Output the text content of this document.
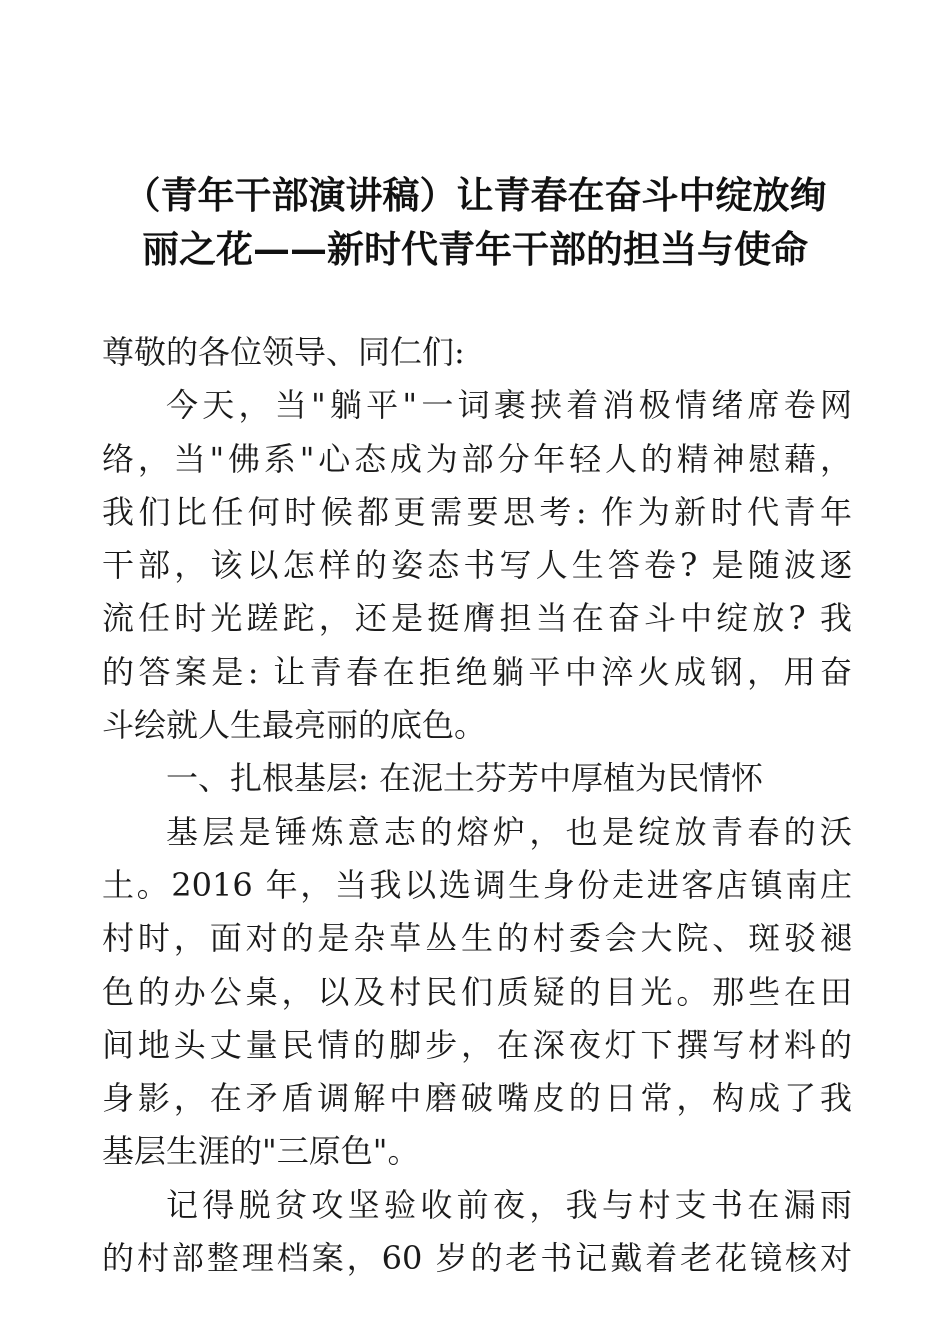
（青年干部演讲稿）让青春在奋斗中绽放绚
丽之花——新时代青年干部的担当与使命
尊敬的各位领导、同仁们:
今天，当"躺平"一词裹挟着消极情绪席卷网
络，当"佛系"心态成为部分年轻人的精神慰藉，
我们比任何时候都更需要思考: 作为新时代青年
干部，该以怎样的姿态书写人生答卷? 是随波逐
流任时光蹉跎，还是挺膺担当在奋斗中绽放? 我
的答案是: 让青春在拒绝躺平中淬火成钢，用奋
斗绘就人生最亮丽的底色。
一、扎根基层: 在泥土芬芳中厚植为民情怀
基层是锤炼意志的熔炉，也是绽放青春的沃
土。2016 年，当我以选调生身份走进客店镇南庄
村时，面对的是杂草丛生的村委会大院、斑驳褪
色的办公桌，以及村民们质疑的目光。那些在田
间地头丈量民情的脚步，在深夜灯下撰写材料的
身影，在矛盾调解中磨破嘴皮的日常，构成了我
基层生涯的"三原色"。
记得脱贫攻坚验收前夜，我与村支书在漏雨
的村部整理档案，60 岁的老书记戴着老花镜核对
